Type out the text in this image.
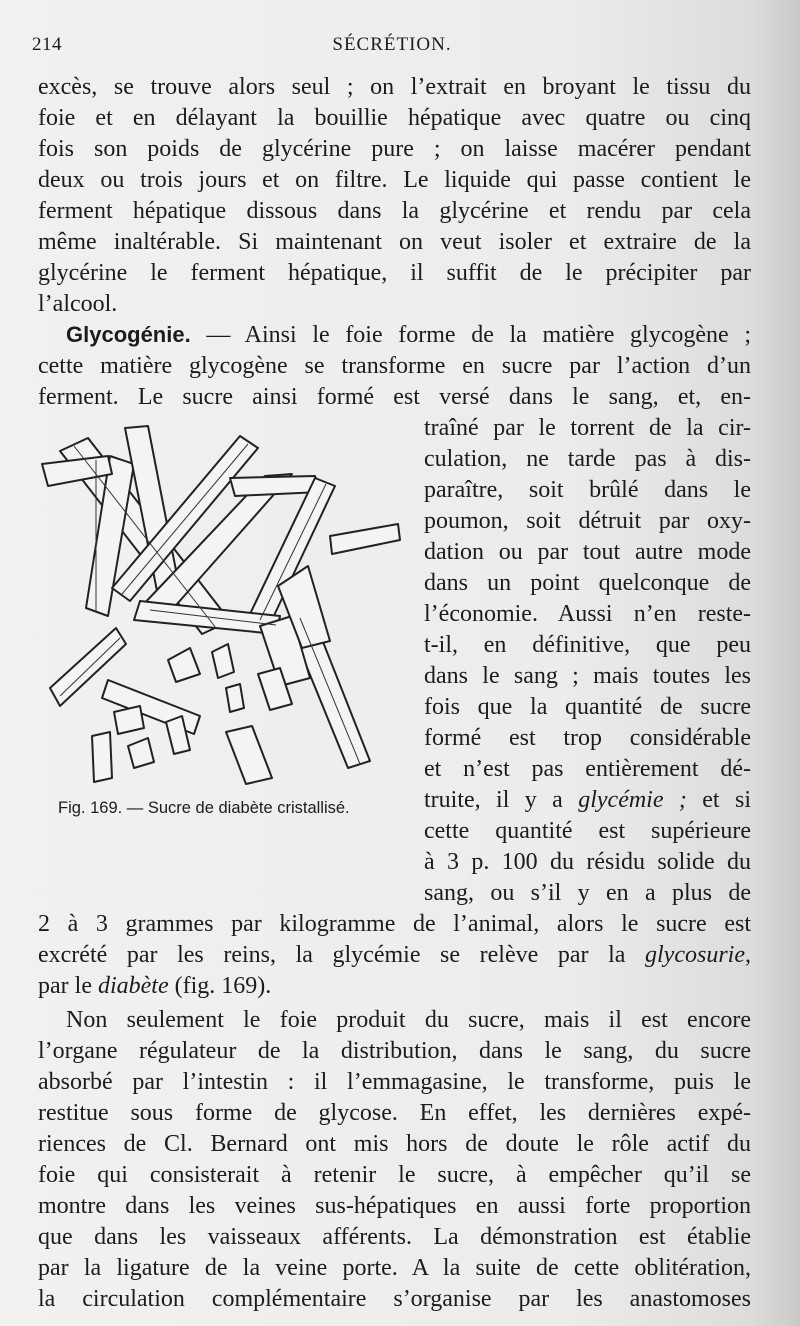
214	SÉCRÉTION.
excès, se trouve alors seul ; on l’extrait en broyant le tissu du
foie et en délayant la bouillie hépatique avec quatre ou cinq
fois son poids de glycérine pure ; on laisse macérer pendant
deux ou trois jours et on filtre. Le liquide qui passe contient le
ferment hépatique dissous dans la glycérine et rendu par cela
même inaltérable. Si maintenant on veut isoler et extraire de la
glycérine le ferment hépatique, il suffit de le précipiter par
l’alcool.
Glycogénie. — Ainsi le foie forme de la matière glycogène ;
cette matière glycogène se transforme en sucre par l’action d’un
ferment. Le sucre ainsi formé est versé dans le sang, et, en-
traîné par le torrent de la cir-
culation, ne tarde pas à dis-
paraître, soit brûlé dans le
poumon, soit détruit par oxy-
dation ou par tout autre mode
dans un point quelconque de
l’économie. Aussi n’en reste-
t-il, en définitive, que peu
dans le sang ; mais toutes les
fois que la quantité de sucre
formé est trop considérable
et n’est pas entièrement dé-
truite, il y a glycémie ; et si
cette quantité est supérieure
à 3 p. 100 du résidu solide du
sang, ou s’il y en a plus de
2 à 3 grammes par kilogramme de l’animal, alors le sucre est
excrété par les reins, la glycémie se relève par la glycosurie,
par le diabète (fig. 169).
Non seulement le foie produit du sucre, mais il est encore
l’organe régulateur de la distribution, dans le sang, du sucre
absorbé par l’intestin : il l’emmagasine, le transforme, puis le
restitue sous forme de glycose. En effet, les dernières expé-
riences de Cl. Bernard ont mis hors de doute le rôle actif du
foie qui consisterait à retenir le sucre, à empêcher qu’il se
montre dans les veines sus-hépatiques en aussi forte proportion
que dans les vaisseaux afférents. La démonstration est établie
par la ligature de la veine porte. A la suite de cette oblitération,
la circulation complémentaire s’organise par les anastomoses
Fig. 169. — Sucre de diabète cristallisé.
